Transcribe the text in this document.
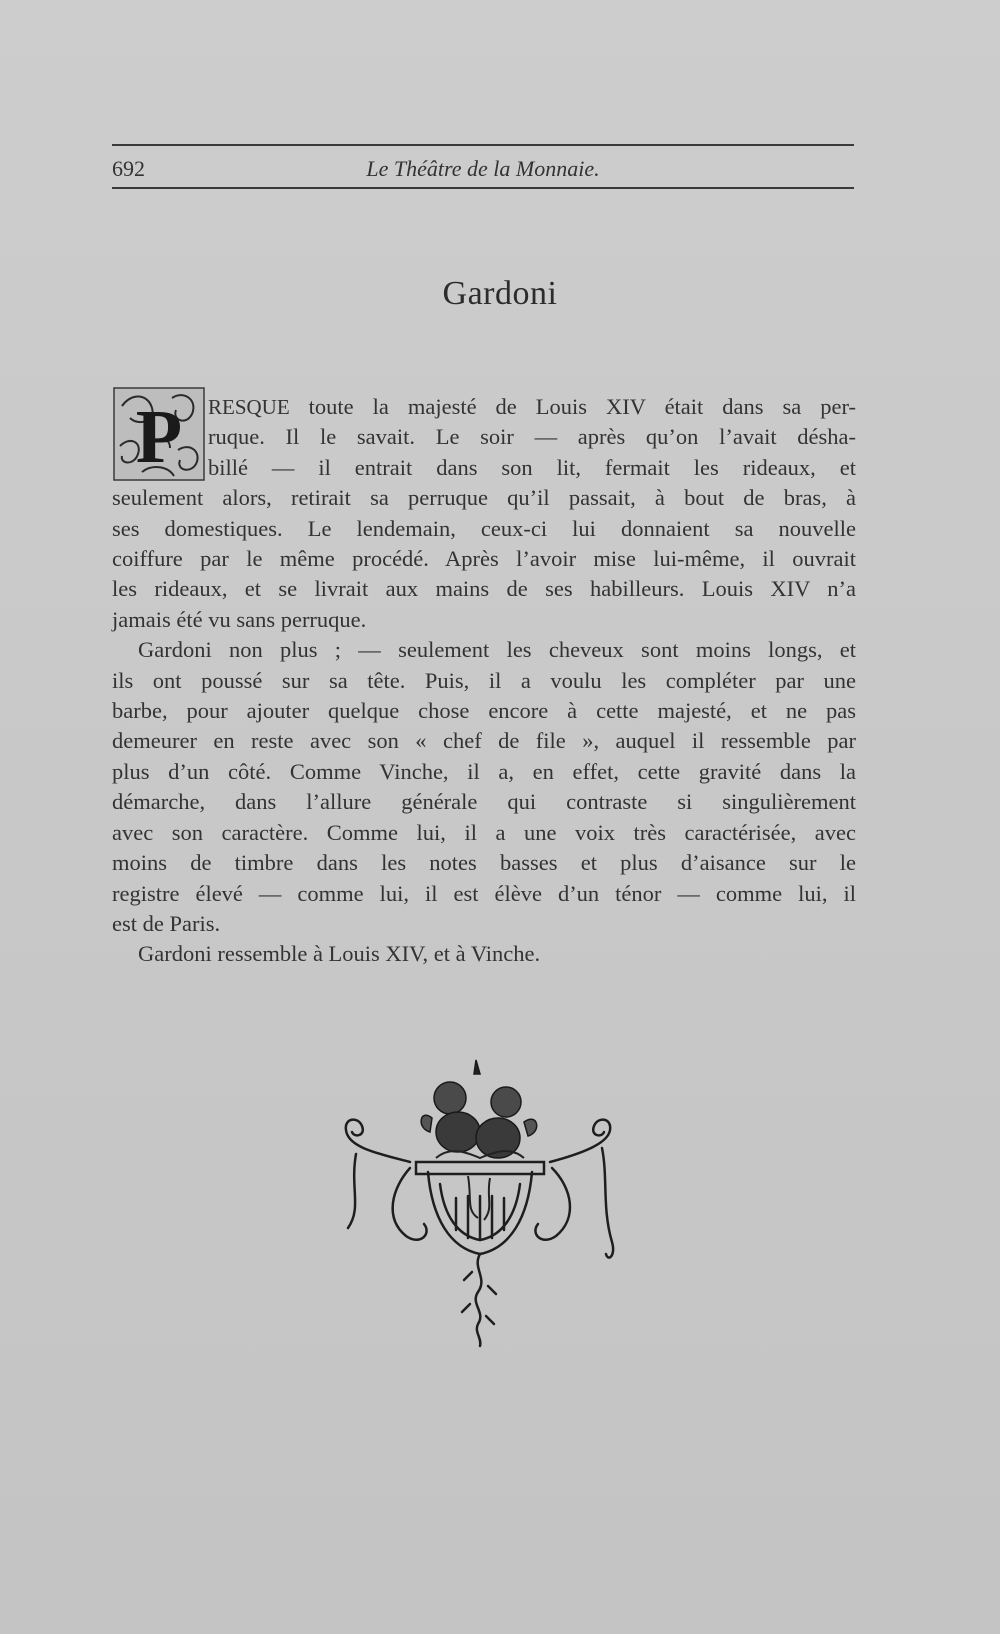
692	Le Théâtre de la Monnaie.
Gardoni
P	RESQUE toute la majesté de Louis XIV était dans sa per-
ruque. Il le savait. Le soir — après qu’on l’avait désha-
billé — il entrait dans son lit, fermait les rideaux, et
seulement alors, retirait sa perruque qu’il passait, à bout de bras, à
ses domestiques. Le lendemain, ceux-ci lui donnaient sa nouvelle
coiffure par le même procédé. Après l’avoir mise lui-même, il ouvrait
les rideaux, et se livrait aux mains de ses habilleurs. Louis XIV n’a
jamais été vu sans perruque.
Gardoni non plus ; — seulement les cheveux sont moins longs, et
ils ont poussé sur sa tête. Puis, il a voulu les compléter par une
barbe, pour ajouter quelque chose encore à cette majesté, et ne pas
demeurer en reste avec son « chef de file », auquel il ressemble par
plus d’un côté. Comme Vinche, il a, en effet, cette gravité dans la
démarche, dans l’allure générale qui contraste si singulièrement
avec son caractère. Comme lui, il a une voix très caractérisée, avec
moins de timbre dans les notes basses et plus d’aisance sur le
registre élevé — comme lui, il est élève d’un ténor — comme lui, il
est de Paris.
Gardoni ressemble à Louis XIV, et à Vinche.
